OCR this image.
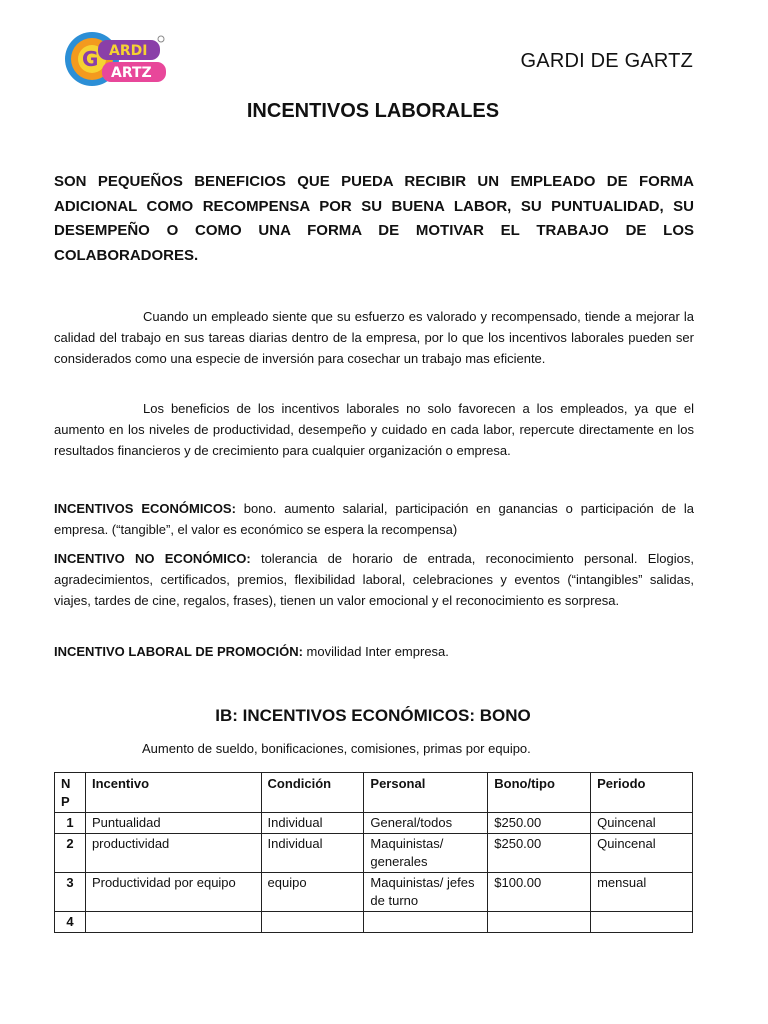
ARDI
ARTZ
G	GARDI DE GARTZ
INCENTIVOS LABORALES
SON PEQUEÑOS BENEFICIOS QUE PUEDA RECIBIR UN EMPLEADO DE FORMA ADICIONAL COMO RECOMPENSA POR SU BUENA LABOR, SU PUNTUALIDAD, SU DESEMPEÑO O COMO UNA FORMA DE MOTIVAR EL TRABAJO DE LOS COLABORADORES.

Cuando un empleado siente que su esfuerzo es valorado y recompensado, tiende a mejorar la calidad del trabajo en sus tareas diarias dentro de la empresa, por lo que los incentivos laborales pueden ser considerados como una especie de inversión para cosechar un trabajo mas eficiente.

Los beneficios de los incentivos laborales no solo favorecen a los empleados, ya que el aumento en los niveles de productividad, desempeño y cuidado en cada labor, repercute directamente en los resultados financieros y de crecimiento para cualquier organización o empresa.

INCENTIVOS ECONÓMICOS: bono. aumento salarial, participación en ganancias o participación de la empresa. (“tangible”, el valor es económico se espera la recompensa)

INCENTIVO NO ECONÓMICO: tolerancia de horario de entrada, reconocimiento personal. Elogios, agradecimientos, certificados, premios, flexibilidad laboral, celebraciones y eventos (“intangibles” salidas, viajes, tardes de cine, regalos, frases), tienen un valor emocional y el reconocimiento es sorpresa.

INCENTIVO LABORAL DE PROMOCIÓN: movilidad Inter empresa.

IB: INCENTIVOS ECONÓMICOS: BONO
Aumento de sueldo, bonificaciones, comisiones, primas por equipo.
N P	Incentivo	Condición	Personal	Bono/tipo	Periodo
1	Puntualidad	Individual	General/todos	$250.00	Quincenal
2	productividad	Individual	Maquinistas/ generales	$250.00	Quincenal
3	Productividad por equipo	equipo	Maquinistas/ jefes de turno	$100.00	mensual
4					
